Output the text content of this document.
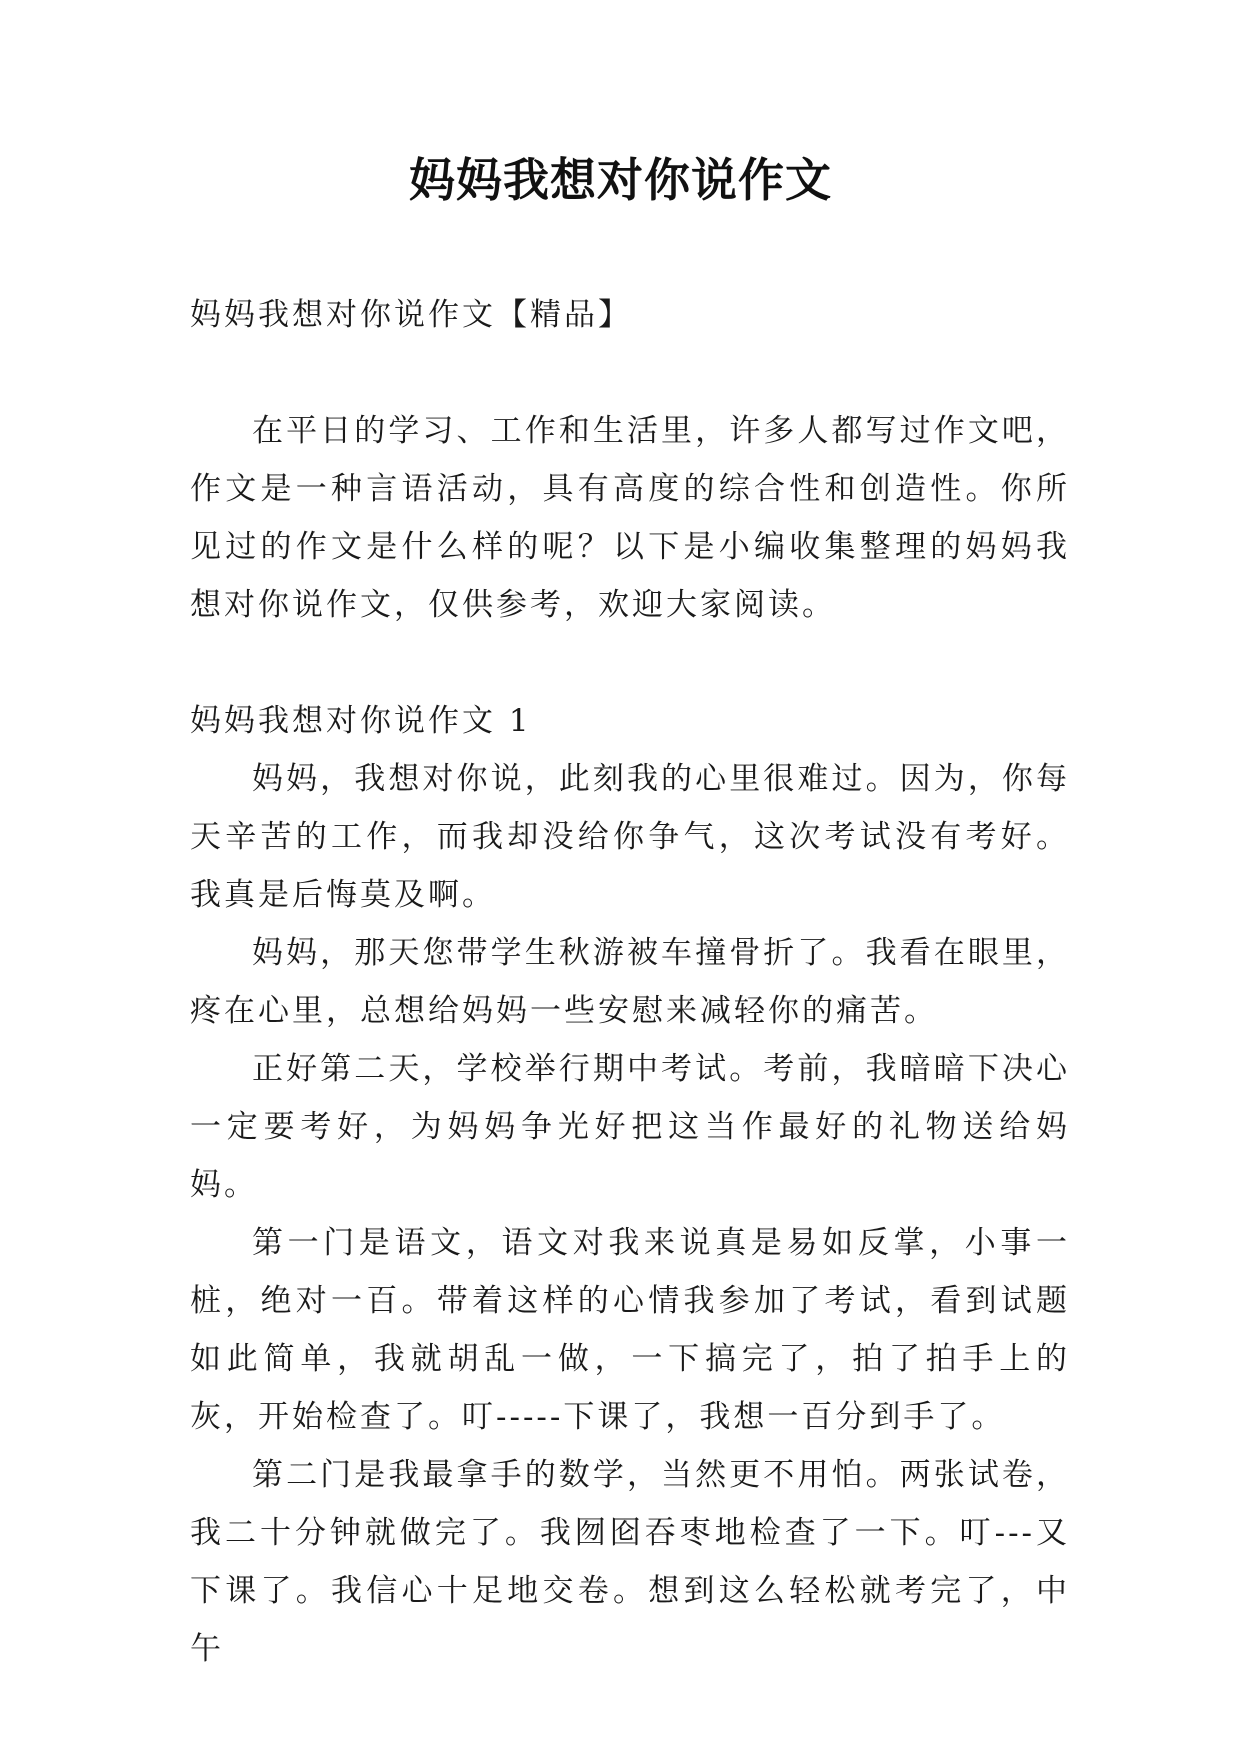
妈妈我想对你说作文

妈妈我想对你说作文【精品】

在平日的学习、工作和生活里，许多人都写过作文吧，作文是一种言语活动，具有高度的综合性和创造性。你所见过的作文是什么样的呢？以下是小编收集整理的妈妈我想对你说作文，仅供参考，欢迎大家阅读。

妈妈我想对你说作文 1

妈妈，我想对你说，此刻我的心里很难过。因为，你每天辛苦的工作，而我却没给你争气，这次考试没有考好。我真是后悔莫及啊。

妈妈，那天您带学生秋游被车撞骨折了。我看在眼里，疼在心里，总想给妈妈一些安慰来减轻你的痛苦。

正好第二天，学校举行期中考试。考前，我暗暗下决心一定要考好，为妈妈争光好把这当作最好的礼物送给妈妈。

第一门是语文，语文对我来说真是易如反掌，小事一桩，绝对一百。带着这样的心情我参加了考试，看到试题如此简单，我就胡乱一做，一下搞完了，拍了拍手上的灰，开始检查了。叮-----下课了，我想一百分到手了。

第二门是我最拿手的数学，当然更不用怕。两张试卷，我二十分钟就做完了。我囫囵吞枣地检查了一下。叮---又下课了。我信心十足地交卷。想到这么轻松就考完了，中午
